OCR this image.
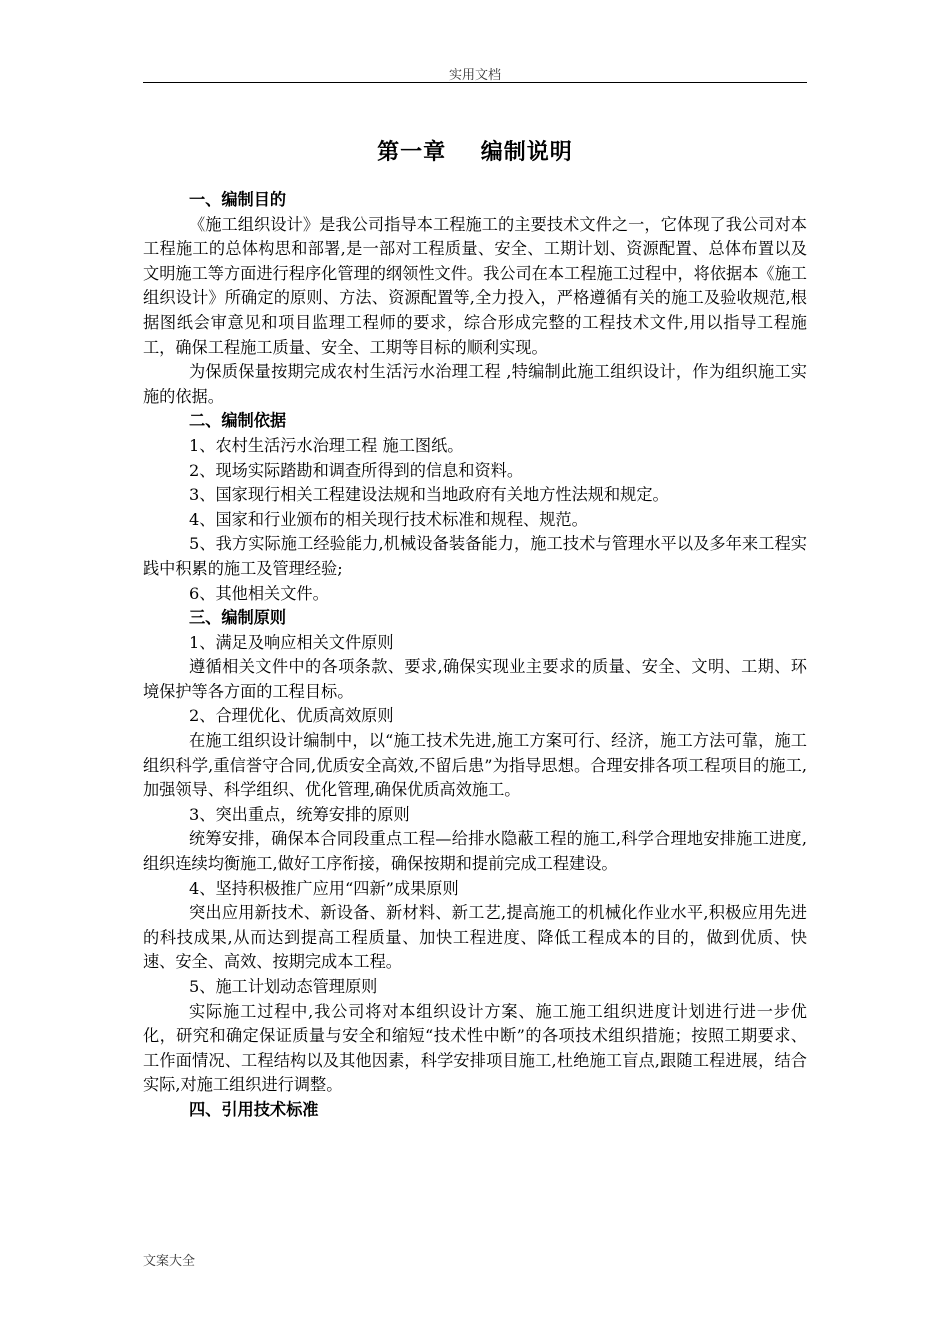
实用文档
第一章    编制说明

一、编制目的

《施工组织设计》是我公司指导本工程施工的主要技术文件之一，它体现了我公司对本工程施工的总体构思和部署,是一部对工程质量、安全、工期计划、资源配置、总体布置以及文明施工等方面进行程序化管理的纲领性文件。我公司在本工程施工过程中，将依据本《施工组织设计》所确定的原则、方法、资源配置等,全力投入，严格遵循有关的施工及验收规范,根据图纸会审意见和项目监理工程师的要求，综合形成完整的工程技术文件,用以指导工程施工，确保工程施工质量、安全、工期等目标的顺利实现。

为保质保量按期完成农村生活污水治理工程 ,特编制此施工组织设计，作为组织施工实施的依据。

二、编制依据

1、农村生活污水治理工程 施工图纸。

2、现场实际踏勘和调查所得到的信息和资料。

3、国家现行相关工程建设法规和当地政府有关地方性法规和规定。

4、国家和行业颁布的相关现行技术标准和规程、规范。

5、我方实际施工经验能力,机械设备装备能力，施工技术与管理水平以及多年来工程实践中积累的施工及管理经验;

6、其他相关文件。

三、编制原则

1、满足及响应相关文件原则

遵循相关文件中的各项条款、要求,确保实现业主要求的质量、安全、文明、工期、环境保护等各方面的工程目标。

2、合理优化、优质高效原则

在施工组织设计编制中，以“施工技术先进,施工方案可行、经济，施工方法可靠，施工组织科学,重信誉守合同,优质安全高效,不留后患”为指导思想。合理安排各项工程项目的施工,加强领导、科学组织、优化管理,确保优质高效施工。

3、突出重点，统筹安排的原则

统筹安排，确保本合同段重点工程—给排水隐蔽工程的施工,科学合理地安排施工进度,组织连续均衡施工,做好工序衔接，确保按期和提前完成工程建设。

4、坚持积极推广应用“四新”成果原则

突出应用新技术、新设备、新材料、新工艺,提高施工的机械化作业水平,积极应用先进的科技成果,从而达到提高工程质量、加快工程进度、降低工程成本的目的，做到优质、快速、安全、高效、按期完成本工程。

5、施工计划动态管理原则

实际施工过程中,我公司将对本组织设计方案、施工施工组织进度计划进行进一步优化，研究和确定保证质量与安全和缩短“技术性中断”的各项技术组织措施；按照工期要求、工作面情况、工程结构以及其他因素，科学安排项目施工,杜绝施工盲点,跟随工程进展，结合实际,对施工组织进行调整。

四、引用技术标准

文案大全
